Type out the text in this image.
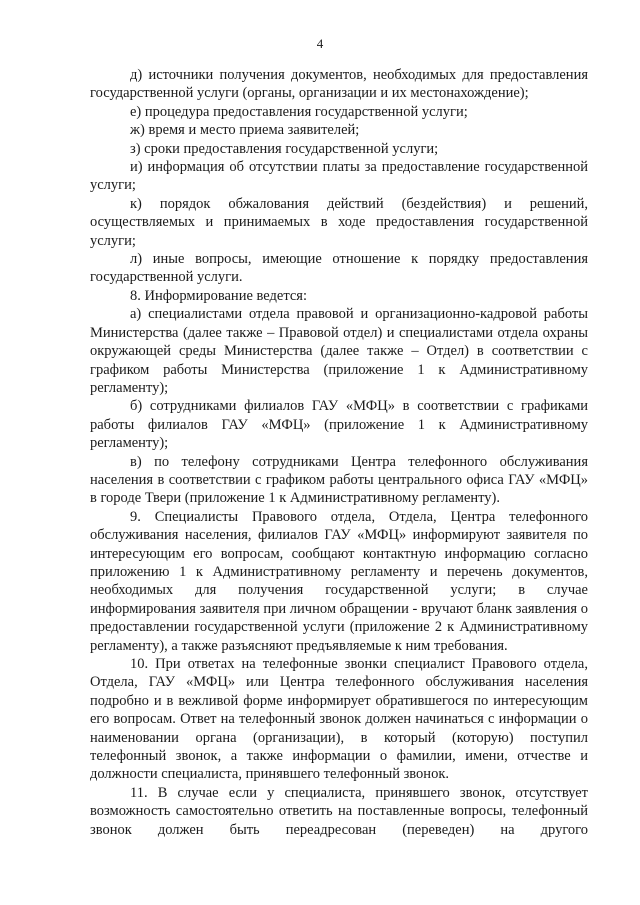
4

д) источники получения документов, необходимых для предоставления государственной услуги (органы, организации и их местонахождение);

е) процедура предоставления государственной услуги;

ж) время и место приема заявителей;

з) сроки предоставления государственной услуги;

и) информация об отсутствии платы за предоставление государственной услуги;

к) порядок обжалования действий (бездействия) и решений, осуществляемых и принимаемых в ходе предоставления государственной услуги;

л) иные вопросы, имеющие отношение к порядку предоставления государственной услуги.

8. Информирование ведется:

а) специалистами отдела правовой и организационно-кадровой работы Министерства (далее также – Правовой отдел) и специалистами отдела охраны окружающей среды Министерства (далее также – Отдел) в соответствии с графиком работы Министерства (приложение 1 к Административному регламенту);

б) сотрудниками филиалов ГАУ «МФЦ» в соответствии с графиками работы филиалов ГАУ «МФЦ» (приложение 1 к Административному регламенту);

в) по телефону сотрудниками Центра телефонного обслуживания населения в соответствии с графиком работы центрального офиса ГАУ «МФЦ» в городе Твери (приложение 1 к Административному регламенту).

9. Специалисты Правового отдела, Отдела, Центра телефонного обслуживания населения, филиалов ГАУ «МФЦ» информируют заявителя по интересующим его вопросам, сообщают контактную информацию согласно приложению 1 к Административному регламенту и перечень документов, необходимых для получения государственной услуги; в случае информирования заявителя при личном обращении - вручают бланк заявления о предоставлении государственной услуги (приложение 2 к Административному регламенту), а также разъясняют предъявляемые к ним требования.

10. При ответах на телефонные звонки специалист Правового отдела, Отдела, ГАУ «МФЦ» или Центра телефонного обслуживания населения подробно и в вежливой форме информирует обратившегося по интересующим его вопросам. Ответ на телефонный звонок должен начинаться с информации о наименовании органа (организации), в который (которую) поступил телефонный звонок, а также информации о фамилии, имени, отчестве и должности специалиста, принявшего телефонный звонок.

11. В случае если у специалиста, принявшего звонок, отсутствует возможность самостоятельно ответить на поставленные вопросы, телефонный звонок должен быть переадресован (переведен) на другого
